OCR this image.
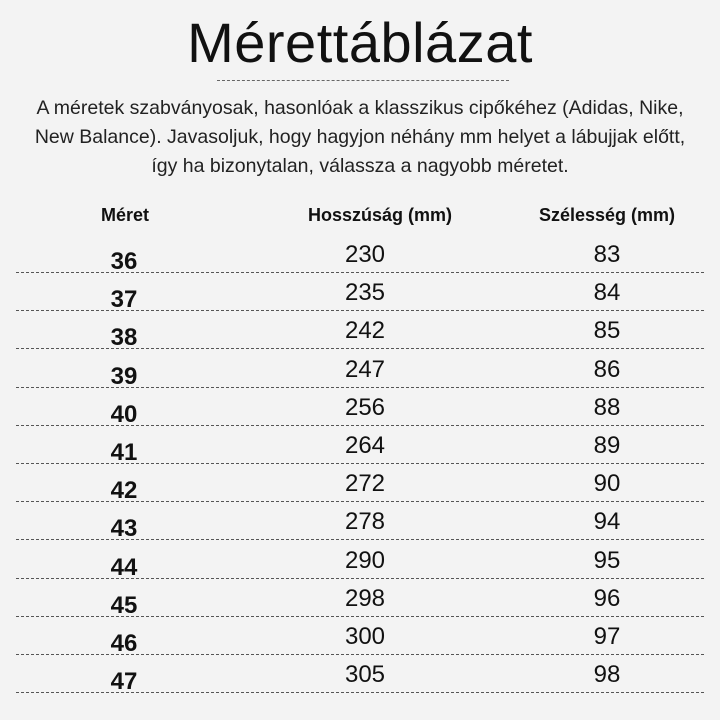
Mérettáblázat
A méretek szabványosak, hasonlóak a klasszikus cipőkéhez (Adidas, Nike, New Balance). Javasoljuk, hogy hagyjon néhány mm helyet a lábujjak előtt, így ha bizonytalan, válassza a nagyobb méretet.
Méret	Hosszúság (mm)	Szélesség (mm)
36	230	83
37	235	84
38	242	85
39	247	86
40	256	88
41	264	89
42	272	90
43	278	94
44	290	95
45	298	96
46	300	97
47	305	98
